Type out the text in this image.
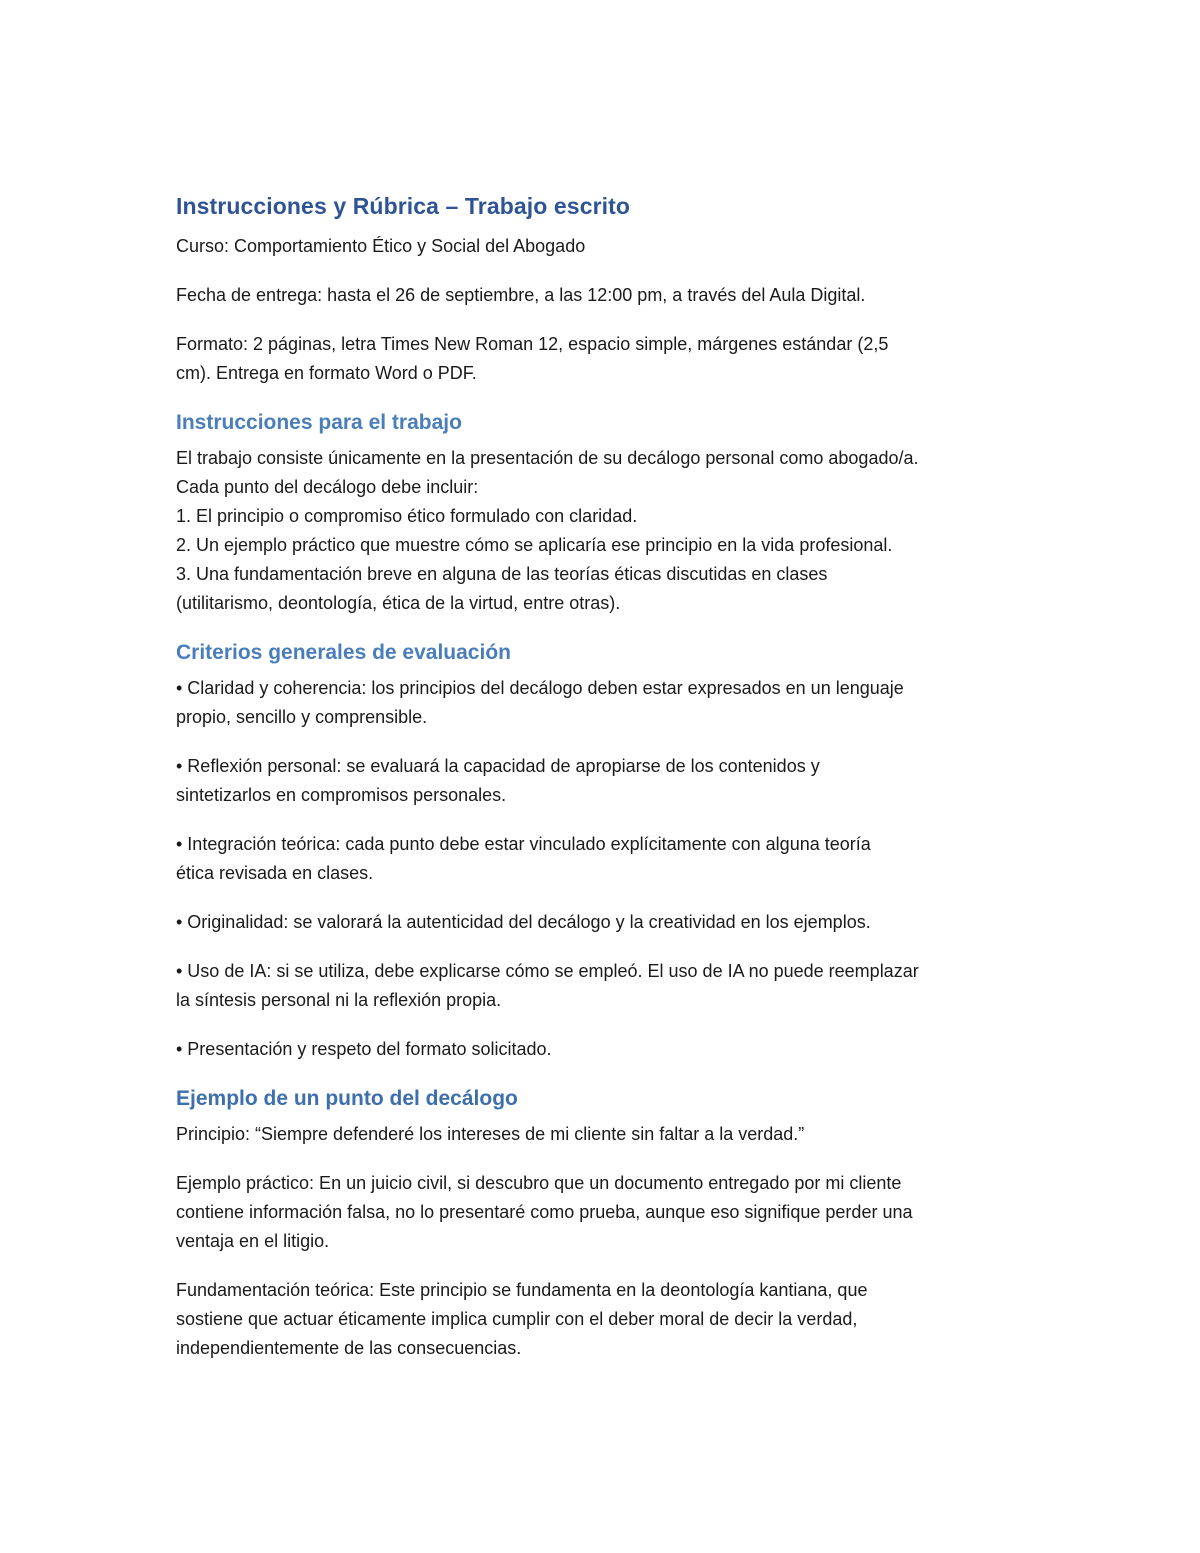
Instrucciones y Rúbrica – Trabajo escrito

Curso: Comportamiento Ético y Social del Abogado

Fecha de entrega: hasta el 26 de septiembre, a las 12:00 pm, a través del Aula Digital.

Formato: 2 páginas, letra Times New Roman 12, espacio simple, márgenes estándar (2,5

cm). Entrega en formato Word o PDF.

Instrucciones para el trabajo

El trabajo consiste únicamente en la presentación de su decálogo personal como abogado/a.

Cada punto del decálogo debe incluir:

1. El principio o compromiso ético formulado con claridad.

2. Un ejemplo práctico que muestre cómo se aplicaría ese principio en la vida profesional.

3. Una fundamentación breve en alguna de las teorías éticas discutidas en clases

(utilitarismo, deontología, ética de la virtud, entre otras).

Criterios generales de evaluación

• Claridad y coherencia: los principios del decálogo deben estar expresados en un lenguaje

propio, sencillo y comprensible.

• Reflexión personal: se evaluará la capacidad de apropiarse de los contenidos y

sintetizarlos en compromisos personales.

• Integración teórica: cada punto debe estar vinculado explícitamente con alguna teoría

ética revisada en clases.

• Originalidad: se valorará la autenticidad del decálogo y la creatividad en los ejemplos.

• Uso de IA: si se utiliza, debe explicarse cómo se empleó. El uso de IA no puede reemplazar

la síntesis personal ni la reflexión propia.

• Presentación y respeto del formato solicitado.

Ejemplo de un punto del decálogo

Principio: “Siempre defenderé los intereses de mi cliente sin faltar a la verdad.”

Ejemplo práctico: En un juicio civil, si descubro que un documento entregado por mi cliente

contiene información falsa, no lo presentaré como prueba, aunque eso signifique perder una

ventaja en el litigio.

Fundamentación teórica: Este principio se fundamenta en la deontología kantiana, que

sostiene que actuar éticamente implica cumplir con el deber moral de decir la verdad,

independientemente de las consecuencias.
